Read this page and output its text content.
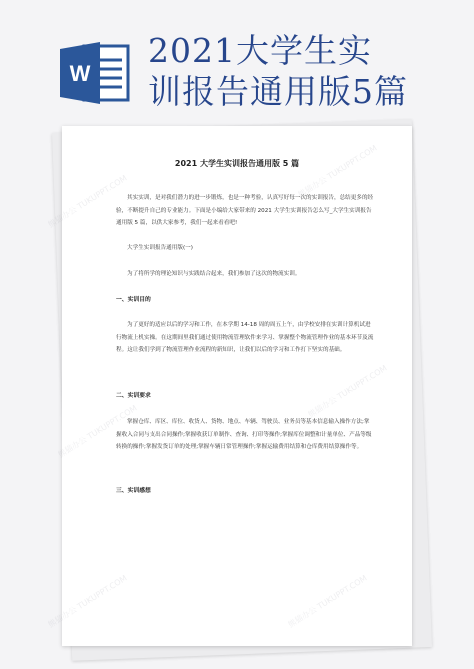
W
2021大学生实
训报告通用版5篇
熊猫办公 TUKUPPT.COM
熊猫办公 TUKUPPT.COM
熊猫办公 TUKUPPT.COM
熊猫办公 TUKUPPT.COM
熊猫办公 TUKUPPT.COM	熊猫办公 TUKUPPT.COM
2021 大学生实训报告通用版 5 篇

其实实训，是对我们潜力的进一步锻炼，也是一种考验，认真写好每一次的实训报告，总结更多的经验，不断提升自己的专业能力。下面是小编给大家带来的 2021 大学生实训报告怎么写_大学生实训报告通用版 5 篇，以供大家参考，我们一起来看看吧!

大学生实训报告通用版(一)

为了将所学的理论知识与实践结合起来，我们参加了这次的物流实训。

一、实训目的

为了更好的适应以后的学习和工作，在本学期 14-18 周的周五上午，由学校安排在实训计算机试进行物流上机实操。在这期间里我们通过使用物流管理软件来学习、掌握整个物流管理作业的基本环节及流程。这让我们学到了物流管理作业流程的新知识，让我们以后的学习和工作打下坚实的基础。

二、实训要求

掌握仓库、库区、库位、收货人、货物、地点、车辆、驾驶员、业务员等基本信息输入操作方法;掌握收入合同与支出合同操作;掌握收获订单制作、查询、打印等操作;掌握库位调整和计量单位、产品等级转换的操作;掌握发货订单的处理;掌握车辆日常管理操作;掌握运输费用结算和仓库费用结算操作等。

三、实训感想
